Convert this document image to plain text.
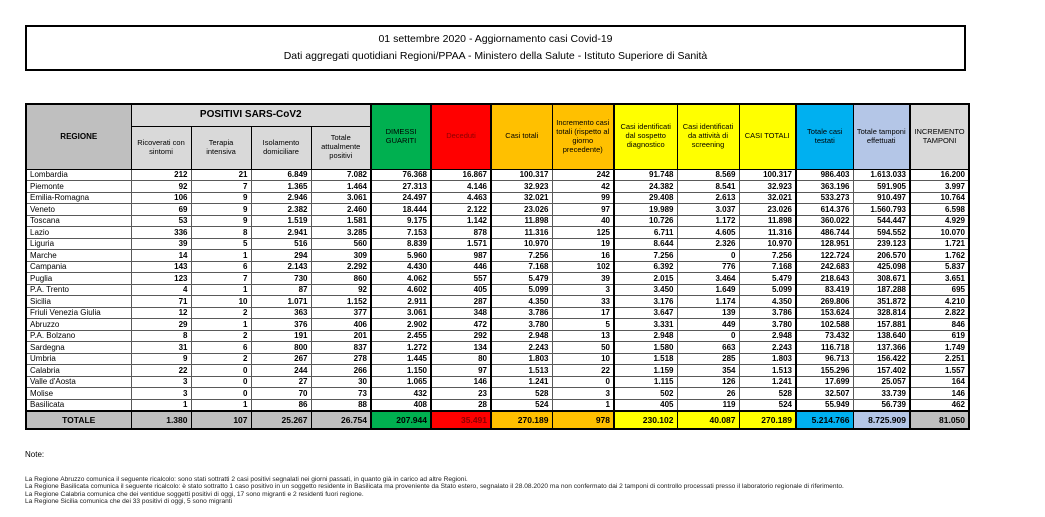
01 settembre 2020 - Aggiornamento casi Covid-19
Dati aggregati quotidiani Regioni/PPAA - Ministero della Salute - Istituto Superiore di Sanità
REGIONE	POSITIVI SARS-CoV2				DIMESSI GUARITI	Deceduti	Casi totali	Incremento casi totali (rispetto al giorno precedente)	Casi identificati dal sospetto diagnostico	Casi identificati da attività di screening	CASI TOTALI	Totale casi testati	Totale tamponi effettuati	INCREMENTO TAMPONI
	Ricoverati con sintomi	Terapia intensiva	Isolamento domiciliare	Totale attualmente positivi										
Lombardia	212	21	6.849	7.082	76.368	16.867	100.317	242	91.748	8.569	100.317	986.403	1.613.033	16.200
Piemonte	92	7	1.365	1.464	27.313	4.146	32.923	42	24.382	8.541	32.923	363.196	591.905	3.997
Emilia-Romagna	106	9	2.946	3.061	24.497	4.463	32.021	99	29.408	2.613	32.021	533.273	910.497	10.764
Veneto	69	9	2.382	2.460	18.444	2.122	23.026	97	19.989	3.037	23.026	614.376	1.560.793	6.598
Toscana	53	9	1.519	1.581	9.175	1.142	11.898	40	10.726	1.172	11.898	360.022	544.447	4.929
Lazio	336	8	2.941	3.285	7.153	878	11.316	125	6.711	4.605	11.316	486.744	594.552	10.070
Liguria	39	5	516	560	8.839	1.571	10.970	19	8.644	2.326	10.970	128.951	239.123	1.721
Marche	14	1	294	309	5.960	987	7.256	16	7.256	0	7.256	122.724	206.570	1.762
Campania	143	6	2.143	2.292	4.430	446	7.168	102	6.392	776	7.168	242.683	425.098	5.837
Puglia	123	7	730	860	4.062	557	5.479	39	2.015	3.464	5.479	218.643	308.671	3.651
P.A. Trento	4	1	87	92	4.602	405	5.099	3	3.450	1.649	5.099	83.419	187.288	695
Sicilia	71	10	1.071	1.152	2.911	287	4.350	33	3.176	1.174	4.350	269.806	351.872	4.210
Friuli Venezia Giulia	12	2	363	377	3.061	348	3.786	17	3.647	139	3.786	153.624	328.814	2.822
Abruzzo	29	1	376	406	2.902	472	3.780	5	3.331	449	3.780	102.588	157.881	846
P.A. Bolzano	8	2	191	201	2.455	292	2.948	13	2.948	0	2.948	73.432	138.640	619
Sardegna	31	6	800	837	1.272	134	2.243	50	1.580	663	2.243	116.718	137.366	1.749
Umbria	9	2	267	278	1.445	80	1.803	10	1.518	285	1.803	96.713	156.422	2.251
Calabria	22	0	244	266	1.150	97	1.513	22	1.159	354	1.513	155.296	157.402	1.557
Valle d'Aosta	3	0	27	30	1.065	146	1.241	0	1.115	126	1.241	17.699	25.057	164
Molise	3	0	70	73	432	23	528	3	502	26	528	32.507	33.739	146
Basilicata	1	1	86	88	408	28	524	1	405	119	524	55.949	56.739	462
TOTALE	1.380	107	25.267	26.754	207.944	35.491	270.189	978	230.102	40.087	270.189	5.214.766	8.725.909	81.050
Note:
La Regione Abruzzo comunica il seguente ricalcolo: sono stati sottratti 2 casi positivi segnalati nei giorni passati, in quanto già in carico ad altre Regioni.
La Regione Basilicata comunica il seguente ricalcolo: è stato sottratto 1 caso positivo in un soggetto residente in Basilicata ma proveniente da Stato estero, segnalato il 28.08.2020 ma non confermato dai 2 tamponi di controllo processati presso il laboratorio regionale di riferimento.
La Regione Calabria comunica che dei ventidue soggetti positivi di oggi, 17 sono migranti e 2 residenti fuori regione.
La Regione Sicilia comunica che dei 33 positivi di oggi, 5 sono migranti
